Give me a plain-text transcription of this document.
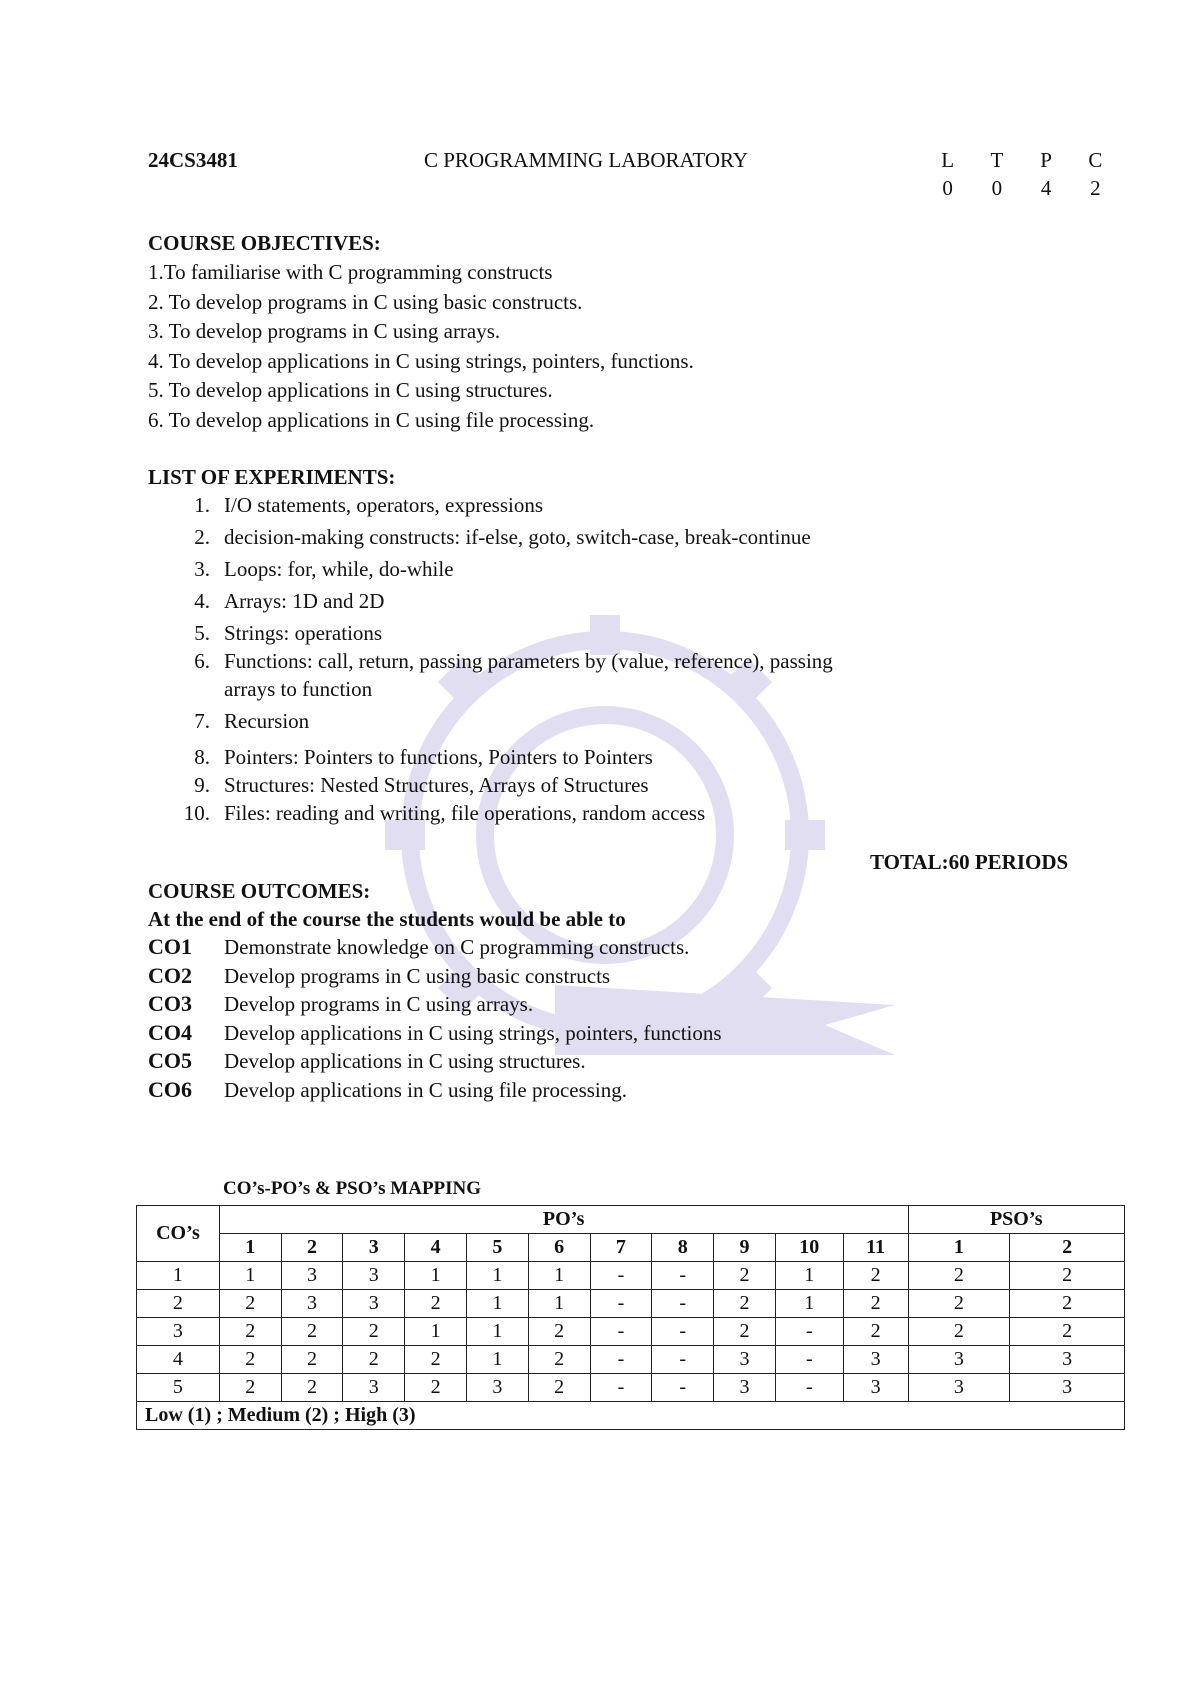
24CS3481	C PROGRAMMING LABORATORY	L	T	P	C
0	0	4	2
COURSE OBJECTIVES:
1.To familiarise with C programming constructs
2. To develop programs in C using basic constructs.
3. To develop programs in C using arrays.
4. To develop applications in C using strings, pointers, functions.
5. To develop applications in C using structures.
6. To develop applications in C using file processing.
LIST OF EXPERIMENTS:
1. I/O statements, operators, expressions
2. decision-making constructs: if-else, goto, switch-case, break-continue
3. Loops: for, while, do-while
4. Arrays: 1D and 2D
5. Strings: operations
6. Functions: call, return, passing parameters by (value, reference), passing arrays to function
7. Recursion
8. Pointers: Pointers to functions, Pointers to Pointers
9. Structures: Nested Structures, Arrays of Structures
10. Files: reading and writing, file operations, random access
TOTAL:60 PERIODS
COURSE OUTCOMES:
At the end of the course the students would be able to
CO1	Demonstrate knowledge on C programming constructs.
CO2	Develop programs in C using basic constructs
CO3	Develop programs in C using arrays.
CO4	Develop applications in C using strings, pointers, functions
CO5	Develop applications in C using structures.
CO6	Develop applications in C using file processing.
CO’s-PO’s & PSO’s MAPPING
CO’s	PO’s											PSO’s	
	1	2	3	4	5	6	7	8	9	10	11	1	2
1	1	3	3	1	1	1	-	-	2	1	2	2	2
2	2	3	3	2	1	1	-	-	2	1	2	2	2
3	2	2	2	1	1	2	-	-	2	-	2	2	2
4	2	2	2	2	1	2	-	-	3	-	3	3	3
5	2	2	3	2	3	2	-	-	3	-	3	3	3
Low (1) ; Medium (2) ; High (3)													
